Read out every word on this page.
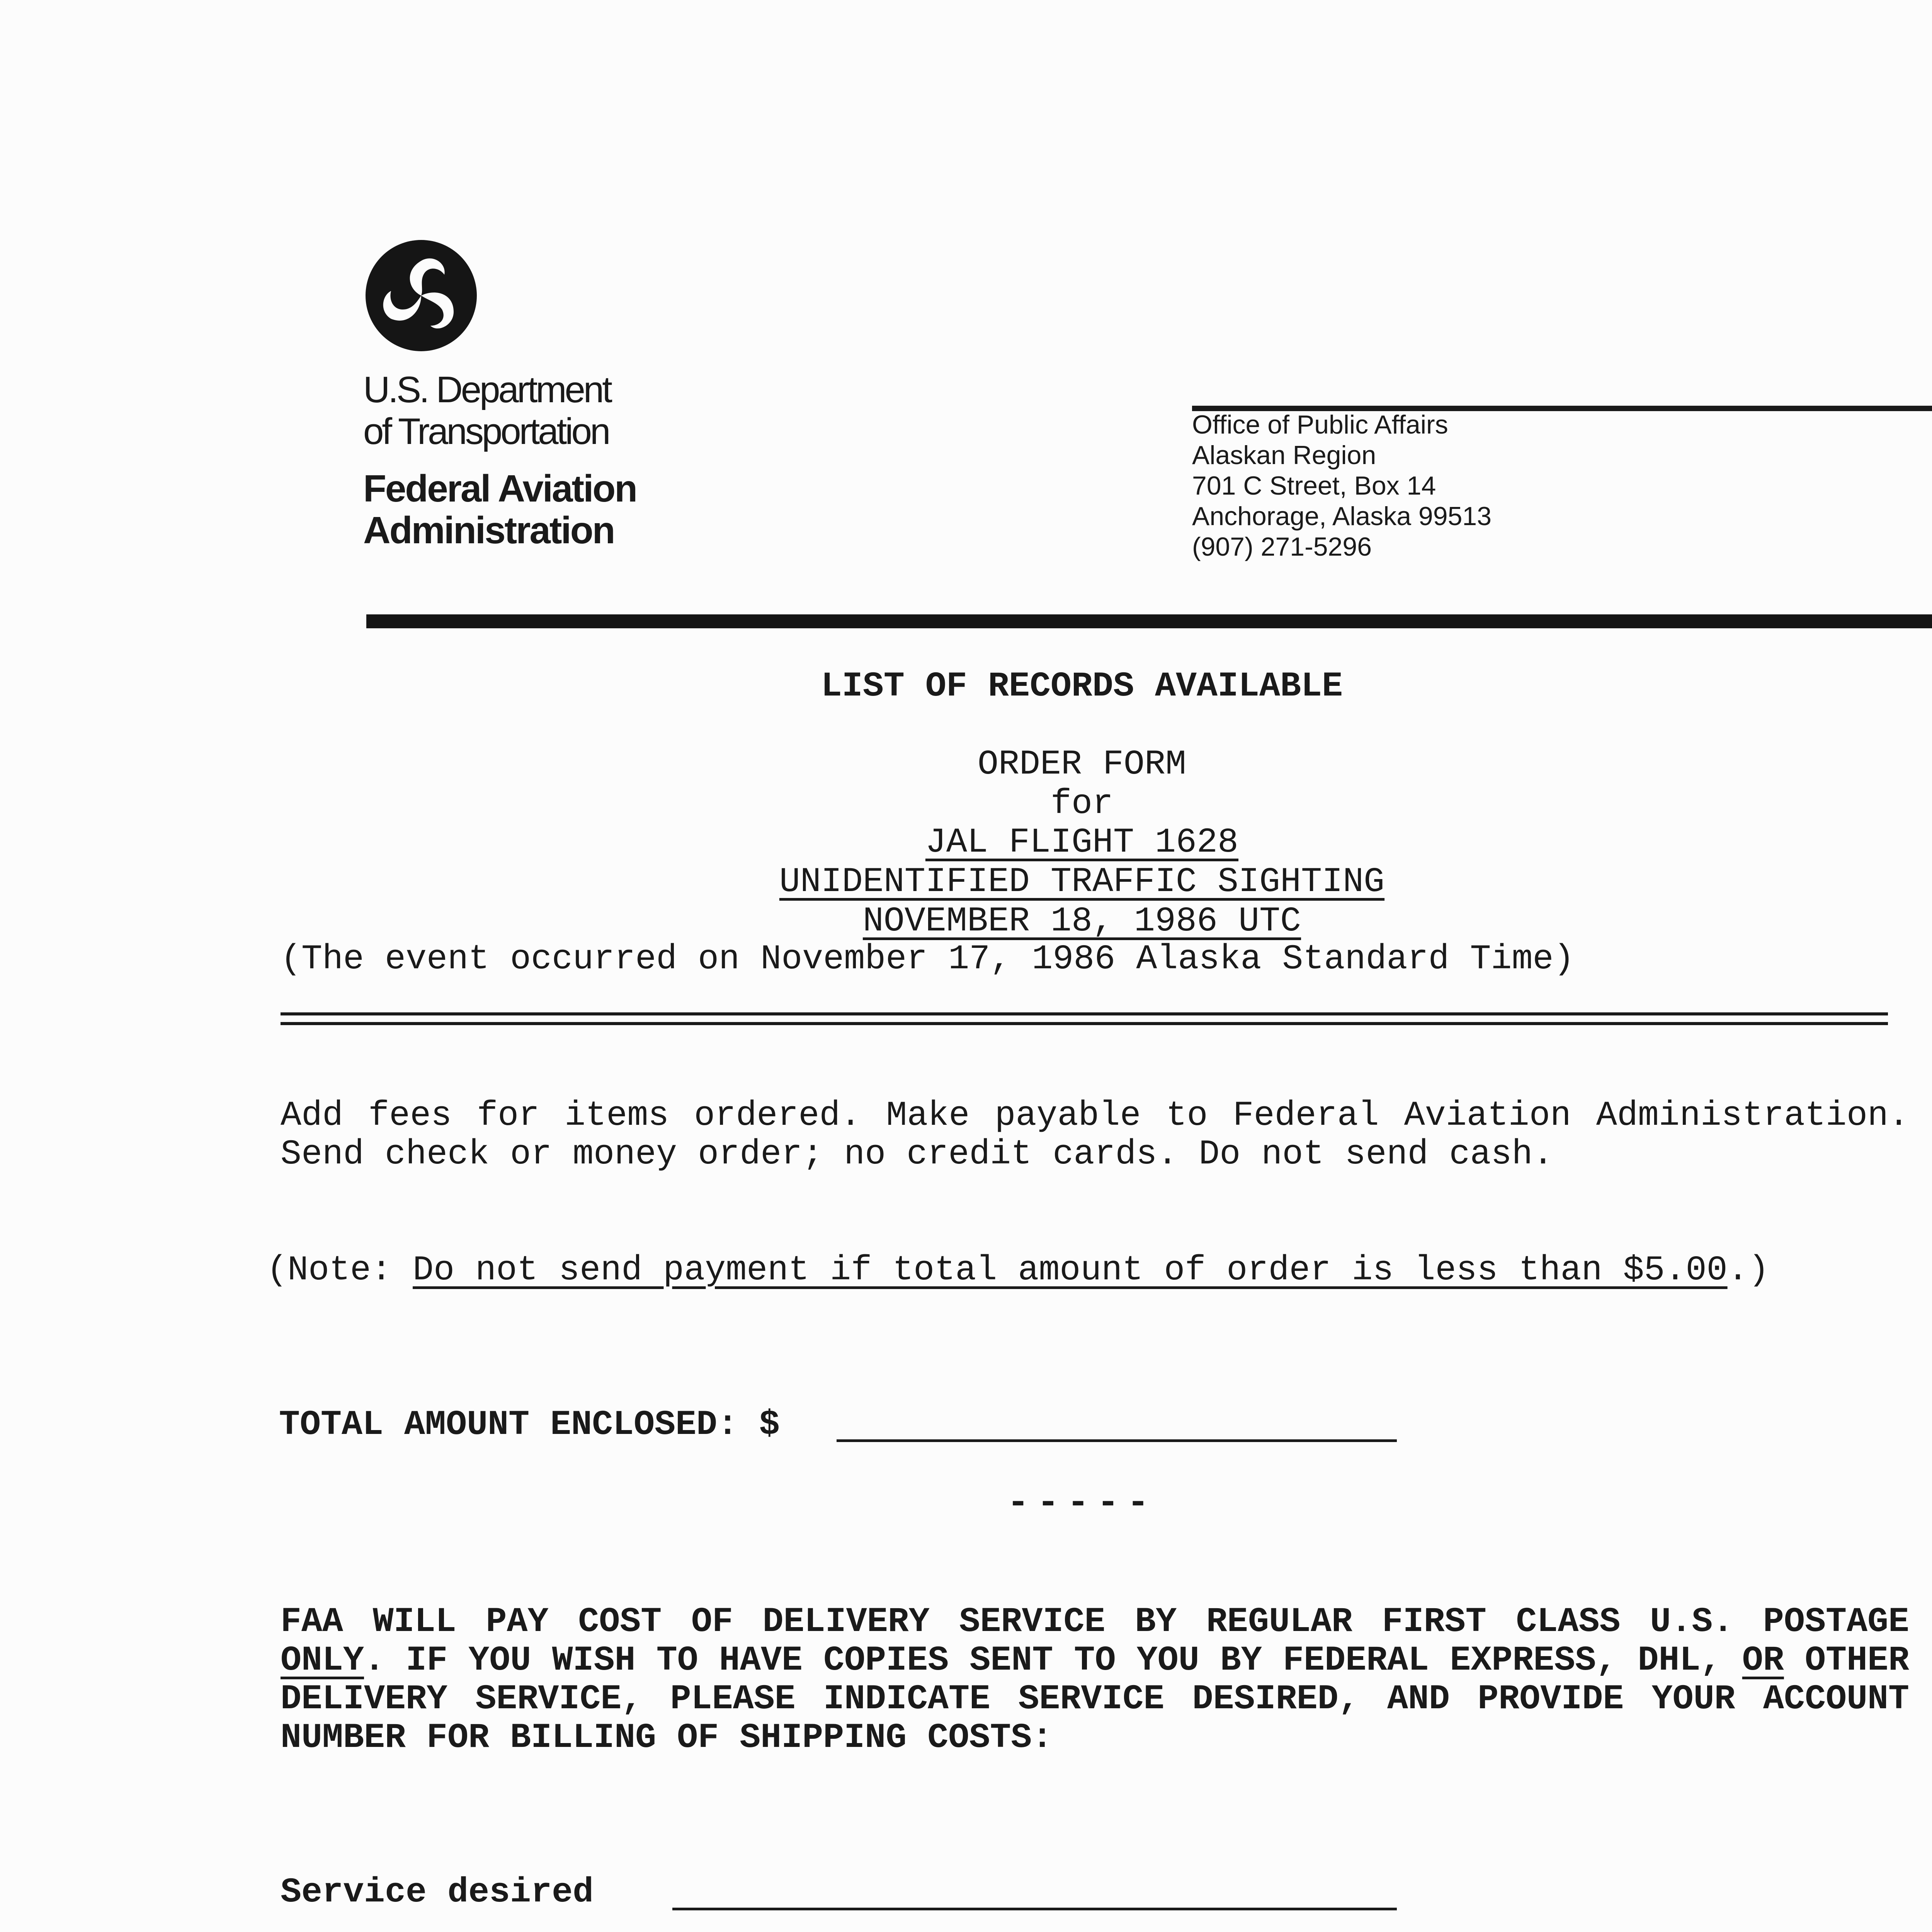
U.S. Department
of Transportation
Federal Aviation
Administration
Office of Public Affairs
Alaskan Region
701 C Street, Box 14
Anchorage, Alaska 99513
(907) 271-5296
LIST OF RECORDS AVAILABLE
ORDER FORM
for
JAL FLIGHT 1628
UNIDENTIFIED TRAFFIC SIGHTING
NOVEMBER 18, 1986 UTC
(The event occurred on November 17, 1986 Alaska Standard Time)
Add fees for items ordered. Make payable to Federal Aviation Administration. Send check or money order; no credit cards. Do not send cash.
(Note: Do not send payment if total amount of order is less than $5.00.)
TOTAL AMOUNT ENCLOSED: $
-----
FAA WILL PAY COST OF DELIVERY SERVICE BY REGULAR FIRST CLASS U.S. POSTAGE ONLY. IF YOU WISH TO HAVE COPIES SENT TO YOU BY FEDERAL EXPRESS, DHL, OR OTHER DELIVERY SERVICE, PLEASE INDICATE SERVICE DESIRED, AND PROVIDE YOUR ACCOUNT NUMBER FOR BILLING OF SHIPPING COSTS:
Service desired
